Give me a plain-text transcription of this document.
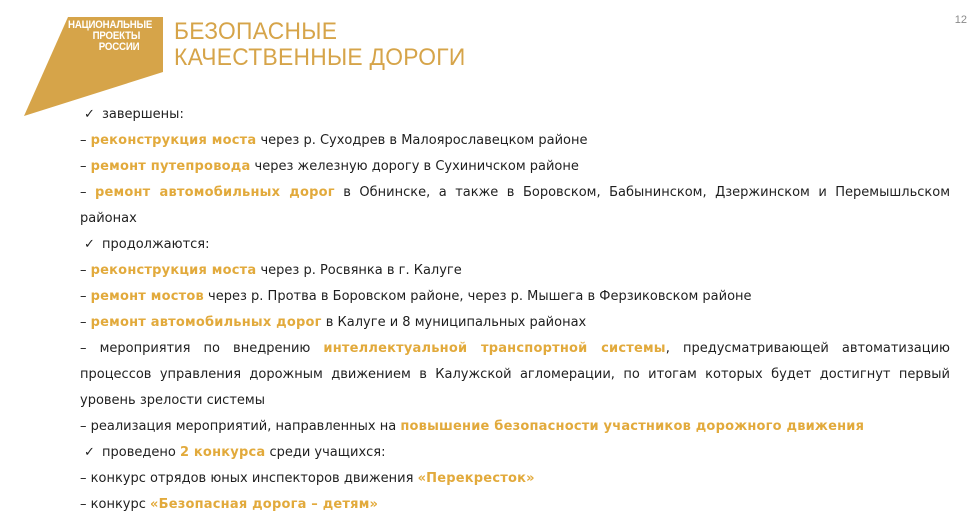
12
НАЦИОНАЛЬНЫЕ
ПРОЕКТЫ
РОССИИ
БЕЗОПАСНЫЕ
КАЧЕСТВЕННЫЕ ДОРОГИ
✓ завершены:
– реконструкция моста через р. Суходрев в Малоярославецком районе
– ремонт путепровода через железную дорогу в Сухиничском районе
– ремонт автомобильных дорог в Обнинске, а также в Боровском, Бабынинском, Дзержинском и Перемышльском
районах
✓ продолжаются:
– реконструкция моста через р. Росвянка в г. Калуге
– ремонт мостов через р. Протва в Боровском районе, через р. Мышега в Ферзиковском районе
– ремонт автомобильных дорог в Калуге и 8 муниципальных районах
– мероприятия по внедрению интеллектуальной транспортной системы, предусматривающей автоматизацию
процессов управления дорожным движением в Калужской агломерации, по итогам которых будет достигнут первый
уровень зрелости системы
– реализация мероприятий, направленных на повышение безопасности участников дорожного движения
✓ проведено 2 конкурса среди учащихся:
– конкурс отрядов юных инспекторов движения «Перекресток»
– конкурс «Безопасная дорога – детям»
